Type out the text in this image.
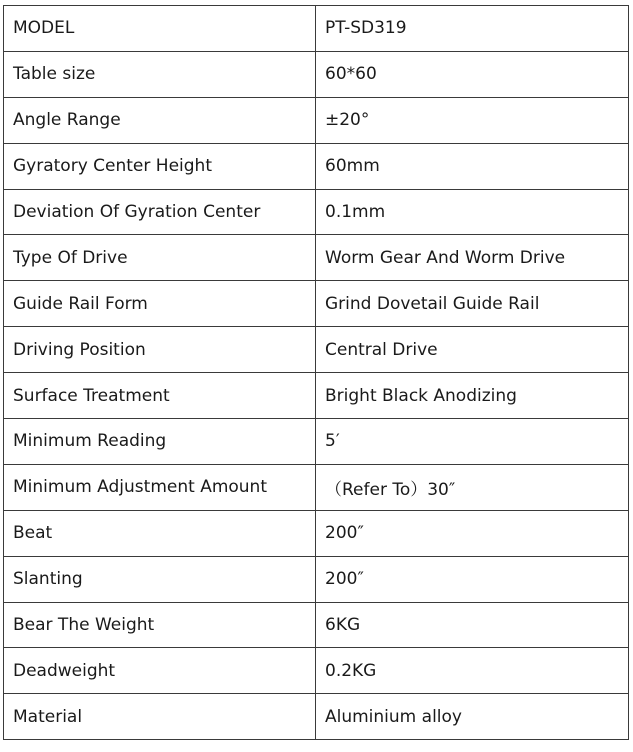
MODEL	PT-SD319
Table size	60*60
Angle Range	±20°
Gyratory Center Height	60mm
Deviation Of Gyration Center	0.1mm
Type Of Drive	Worm Gear And Worm Drive
Guide Rail Form	Grind Dovetail Guide Rail
Driving Position	Central Drive
Surface Treatment	Bright Black Anodizing
Minimum Reading	5′
Minimum Adjustment Amount	（Refer To）30″
Beat	200″
Slanting	200″
Bear The Weight	6KG
Deadweight	0.2KG
Material	Aluminium alloy
